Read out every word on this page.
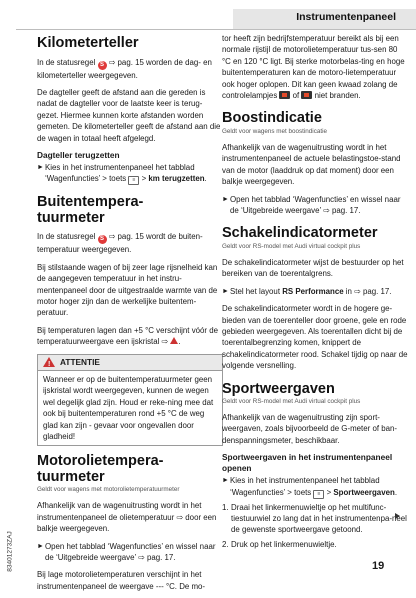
Instrumentenpaneel
Kilometerteller

In de statusregel S ⇨ pag. 15 worden de dag- en kilometerteller weergegeven.

De dagteller geeft de afstand aan die gereden is nadat de dagteller voor de laatste keer is terug-gezet. Hiermee kunnen korte afstanden worden gemeten. De kilometerteller geeft de afstand aan die de wagen in totaal heeft afgelegd.

Dagteller terugzetten
► Kies in het instrumentenpaneel het tabblad ‘Wagenfuncties’ > toets ≡ > km terugzetten.
Buitentempera-
tuurmeter

In de statusregel S ⇨ pag. 15 wordt de buiten-temperatuur weergegeven.

Bij stilstaande wagen of bij zeer lage rijsnelheid kan de aangegeven temperatuur in het instru-mentenpaneel door de uitgestraalde warmte van de motor hoger zijn dan de werkelijke buitentem-peratuur.

Bij temperaturen lagen dan +5 °C verschijnt vóór de temperatuurweergave een ijskristal ⇨ .

! ATTENTIE
Wanneer er op de buitentemperatuurmeter geen ijskristal wordt weergegeven, kunnen de wegen wel degelijk glad zijn. Houd er reke-ning mee dat ook bij buitentemperaturen rond +5 °C de weg glad kan zijn - gevaar voor ongevallen door gladheid!
Motorolietempera-
tuurmeter
Geldt voor wagens met motorolietemperatuurmeter

Afhankelijk van de wagenuitrusting wordt in het instrumentenpaneel de olietemperatuur ⇨ door een balkje weergegeven.

► Open het tabblad ‘Wagenfuncties’ en wissel naar de ‘Uitgebreide weergave’ ⇨ pag. 17.

Bij lage motorolietemperaturen verschijnt in het instrumentenpaneel de weergave --- °C. De mo-

tor heeft zijn bedrijfstemperatuur bereikt als bij een normale rijstijl de motorolietemperatuur tus-sen 80 °C en 120 °C ligt. Bij sterke motorbelas-ting en hoge buitentemperaturen kan de motoro-lietemperatuur ook hoger oplopen. Dit kan geen kwaad zolang de controlelampjes  of  niet branden.

Boostindicatie
Geldt voor wagens met boostindicatie

Afhankelijk van de wagenuitrusting wordt in het instrumentenpaneel de actuele belastingstoe-stand van de motor (laaddruk op dat moment) door een balkje weergegeven.

► Open het tabblad ‘Wagenfuncties’ en wissel naar de ‘Uitgebreide weergave’ ⇨ pag. 17.
Schakelindicatormeter
Geldt voor RS-model met Audi virtual cockpit plus

De schakelindicatormeter wijst de bestuurder op het bereiken van de toerentalgrens.

► Stel het layout RS Performance in ⇨ pag. 17.

De schakelindicatormeter wordt in de hogere ge-bieden van de toerenteller door groene, gele en rode gebieden weergegeven. Als toerentallen dicht bij de toerentalbegrenzing komen, knippert de schakelindicatormeter rood. Schakel tijdig op naar de volgende versnelling.

Sportweergaven
Geldt voor RS-model met Audi virtual cockpit plus

Afhankelijk van de wagenuitrusting zijn sport-weergaven, zoals bijvoorbeeld de G-meter of ban-denspanningsmeter, beschikbaar.

Sportweergaven in het instrumentenpaneel openen
► Kies in het instrumentenpaneel het tabblad ‘Wagenfuncties’ > toets ≡ > Sportweergaven.
1. Draai het linkermenuwieltje op het multifunc-tiestuurwiel zo lang dat in het instrumentenpa-neel de gewenste sportweergave getoond.
2. Druk op het linkermenuwieltje.
83401273ZAJ	19
